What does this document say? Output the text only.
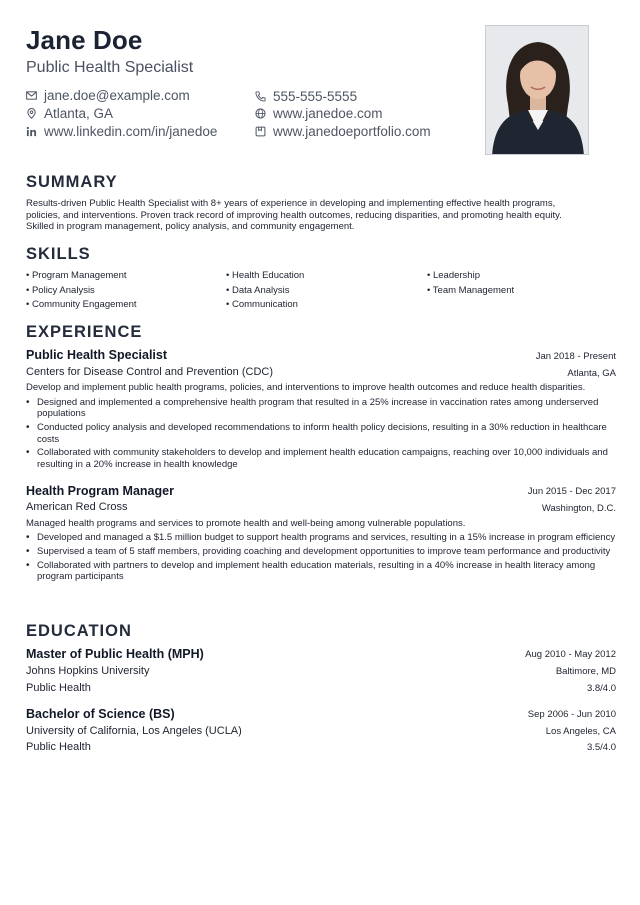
Jane Doe
Public Health Specialist
jane.doe@example.com	555-555-5555
Atlanta, GA	www.janedoe.com
www.linkedin.com/in/janedoe	www.janedoeportfolio.com
SUMMARY
Results-driven Public Health Specialist with 8+ years of experience in developing and implementing effective health programs, policies, and interventions. Proven track record of improving health outcomes, reducing disparities, and promoting health equity. Skilled in program management, policy analysis, and community engagement.
SKILLS
• Program Management	• Health Education	• Leadership
• Policy Analysis	• Data Analysis	• Team Management
• Community Engagement	• Communication
EXPERIENCE
Public Health Specialist	Jan 2018 - Present
Centers for Disease Control and Prevention (CDC)	Atlanta, GA
Develop and implement public health programs, policies, and interventions to improve health outcomes and reduce health disparities.
• Designed and implemented a comprehensive health program that resulted in a 25% increase in vaccination rates among underserved populations
• Conducted policy analysis and developed recommendations to inform health policy decisions, resulting in a 30% reduction in healthcare costs
• Collaborated with community stakeholders to develop and implement health education campaigns, reaching over 10,000 individuals and resulting in a 20% increase in health knowledge
Health Program Manager	Jun 2015 - Dec 2017
American Red Cross	Washington, D.C.
Managed health programs and services to promote health and well-being among vulnerable populations.
• Developed and managed a $1.5 million budget to support health programs and services, resulting in a 15% increase in program efficiency
• Supervised a team of 5 staff members, providing coaching and development opportunities to improve team performance and productivity
• Collaborated with partners to develop and implement health education materials, resulting in a 40% increase in health literacy among program participants
EDUCATION
Master of Public Health (MPH)	Aug 2010 - May 2012
Johns Hopkins University	Baltimore, MD
Public Health	3.8/4.0
Bachelor of Science (BS)	Sep 2006 - Jun 2010
University of California, Los Angeles (UCLA)	Los Angeles, CA
Public Health	3.5/4.0
